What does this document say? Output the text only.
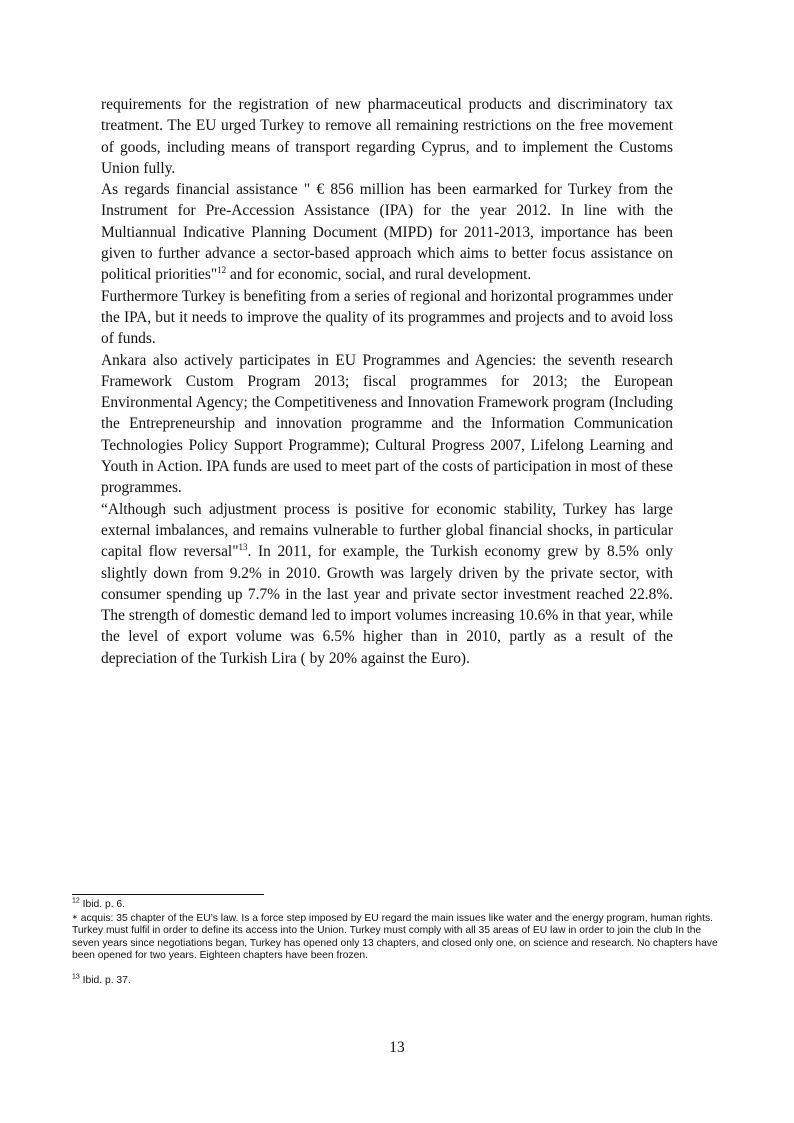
requirements for the registration of new pharmaceutical products and discriminatory tax treatment. The EU urged Turkey to remove all remaining restrictions on the free movement of goods, including means of transport regarding Cyprus, and to implement the Customs Union fully.

As regards financial assistance " € 856 million has been earmarked for Turkey from the Instrument for Pre-Accession Assistance (IPA) for the year 2012. In line with the Multiannual Indicative Planning Document (MIPD) for 2011-2013, importance has been given to further advance a sector-based approach which aims to better focus assistance on political priorities"$^{12}$ and for economic, social, and rural development.

Furthermore Turkey is benefiting from a series of regional and horizontal programmes under the IPA, but it needs to improve the quality of its programmes and projects and to avoid loss of funds.

Ankara also actively participates in EU Programmes and Agencies: the seventh research Framework Custom Program 2013; fiscal programmes for 2013; the European Environmental Agency; the Competitiveness and Innovation Framework program (Including the Entrepreneurship and innovation programme and the Information Communication Technologies Policy Support Programme); Cultural Progress 2007, Lifelong Learning and Youth in Action. IPA funds are used to meet part of the costs of participation in most of these programmes.

“Although such adjustment process is positive for economic stability, Turkey has large external imbalances, and remains vulnerable to further global financial shocks, in particular capital flow reversal"$^{13}$. In 2011, for example, the Turkish economy grew by 8.5% only slightly down from 9.2% in 2010. Growth was largely driven by the private sector, with consumer spending up 7.7% in the last year and private sector investment reached 22.8%. The strength of domestic demand led to import volumes increasing 10.6% in that year, while the level of export volume was 6.5% higher than in 2010, partly as a result of the depreciation of the Turkish Lira ( by 20% against the Euro).

$^{12}$ Ibid. p. 6.

∗ acquis: 35 chapter of the EU’s law. Is a force step imposed by EU regard the main issues like water and the energy program, human rights. Turkey must fulfil in order to define its access into the Union. Turkey must comply with all 35 areas of EU law in order to join the club In the seven years since negotiations began, Turkey has opened only 13 chapters, and closed only one, on science and research. No chapters have been opened for two years. Eighteen chapters have been frozen.

$^{13}$ Ibid. p. 37.

13
